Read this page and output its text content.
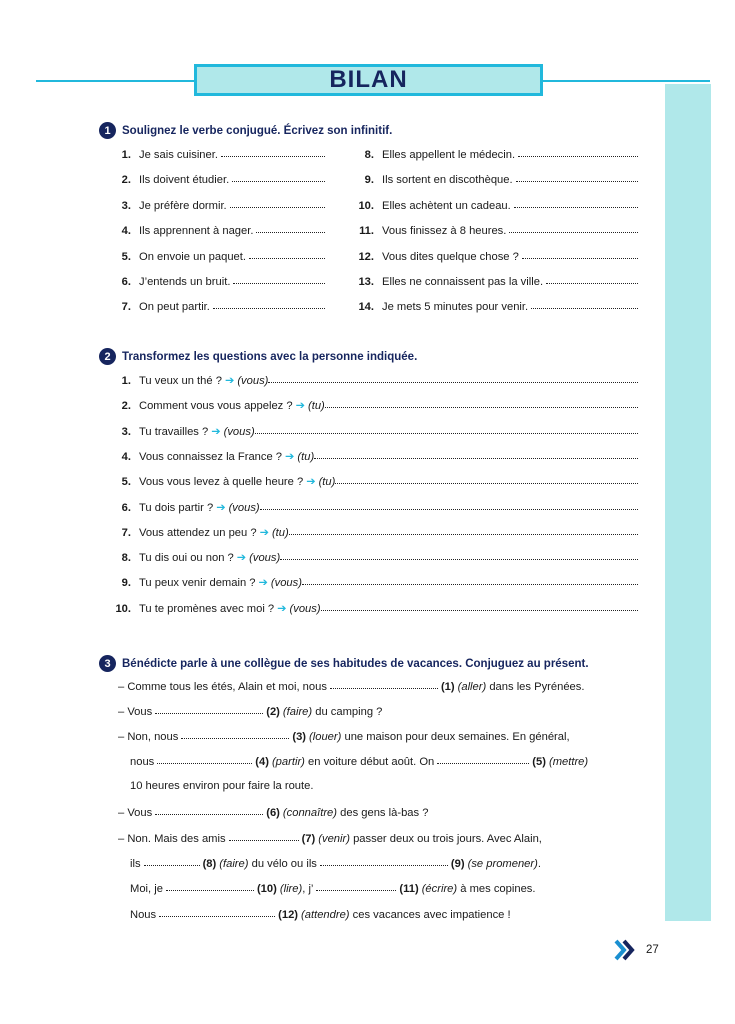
BILAN
1 Soulignez le verbe conjugué. Écrivez son infinitif.
1. Je sais cuisiner.
2. Ils doivent étudier.
3. Je préfère dormir.
4. Ils apprennent à nager.
5. On envoie un paquet.
6. J’entends un bruit.
7. On peut partir.
8. Elles appellent le médecin.
9. Ils sortent en discothèque.
10. Elles achètent un cadeau.
11. Vous finissez à 8 heures.
12. Vous dites quelque chose ?
13. Elles ne connaissent pas la ville.
14. Je mets 5 minutes pour venir.
2 Transformez les questions avec la personne indiquée.
1. Tu veux un thé ? ➔ (vous)
2. Comment vous vous appelez ? ➔ (tu)
3. Tu travailles ? ➔ (vous)
4. Vous connaissez la France ? ➔ (tu)
5. Vous vous levez à quelle heure ? ➔ (tu)
6. Tu dois partir ? ➔ (vous)
7. Vous attendez un peu ? ➔ (tu)
8. Tu dis oui ou non ? ➔ (vous)
9. Tu peux venir demain ? ➔ (vous)
10. Tu te promènes avec moi ? ➔ (vous)
3 Bénédicte parle à une collègue de ses habitudes de vacances. Conjuguez au présent.
– Comme tous les étés, Alain et moi, nous	(1) (aller)
dans les Pyrénées.
– Vous	(2) (faire)
du camping ?
– Non, nous	(3) (louer)
une maison pour deux semaines. En général,
nous	(4) (partir)
en voiture début août. On	(5) (mettre)
10 heures environ pour faire la route.
– Vous	(6) (connaître)
des gens là-bas ?
– Non. Mais des amis	(7) (venir)
passer deux ou trois jours. Avec Alain,
ils	(8) (faire)
du vélo ou ils	(9) (se promener) .
Moi, je	(10) (lire) , j’	(11) (écrire)
à mes copines.
Nous	(12) (attendre)
ces vacances avec impatience !
27
